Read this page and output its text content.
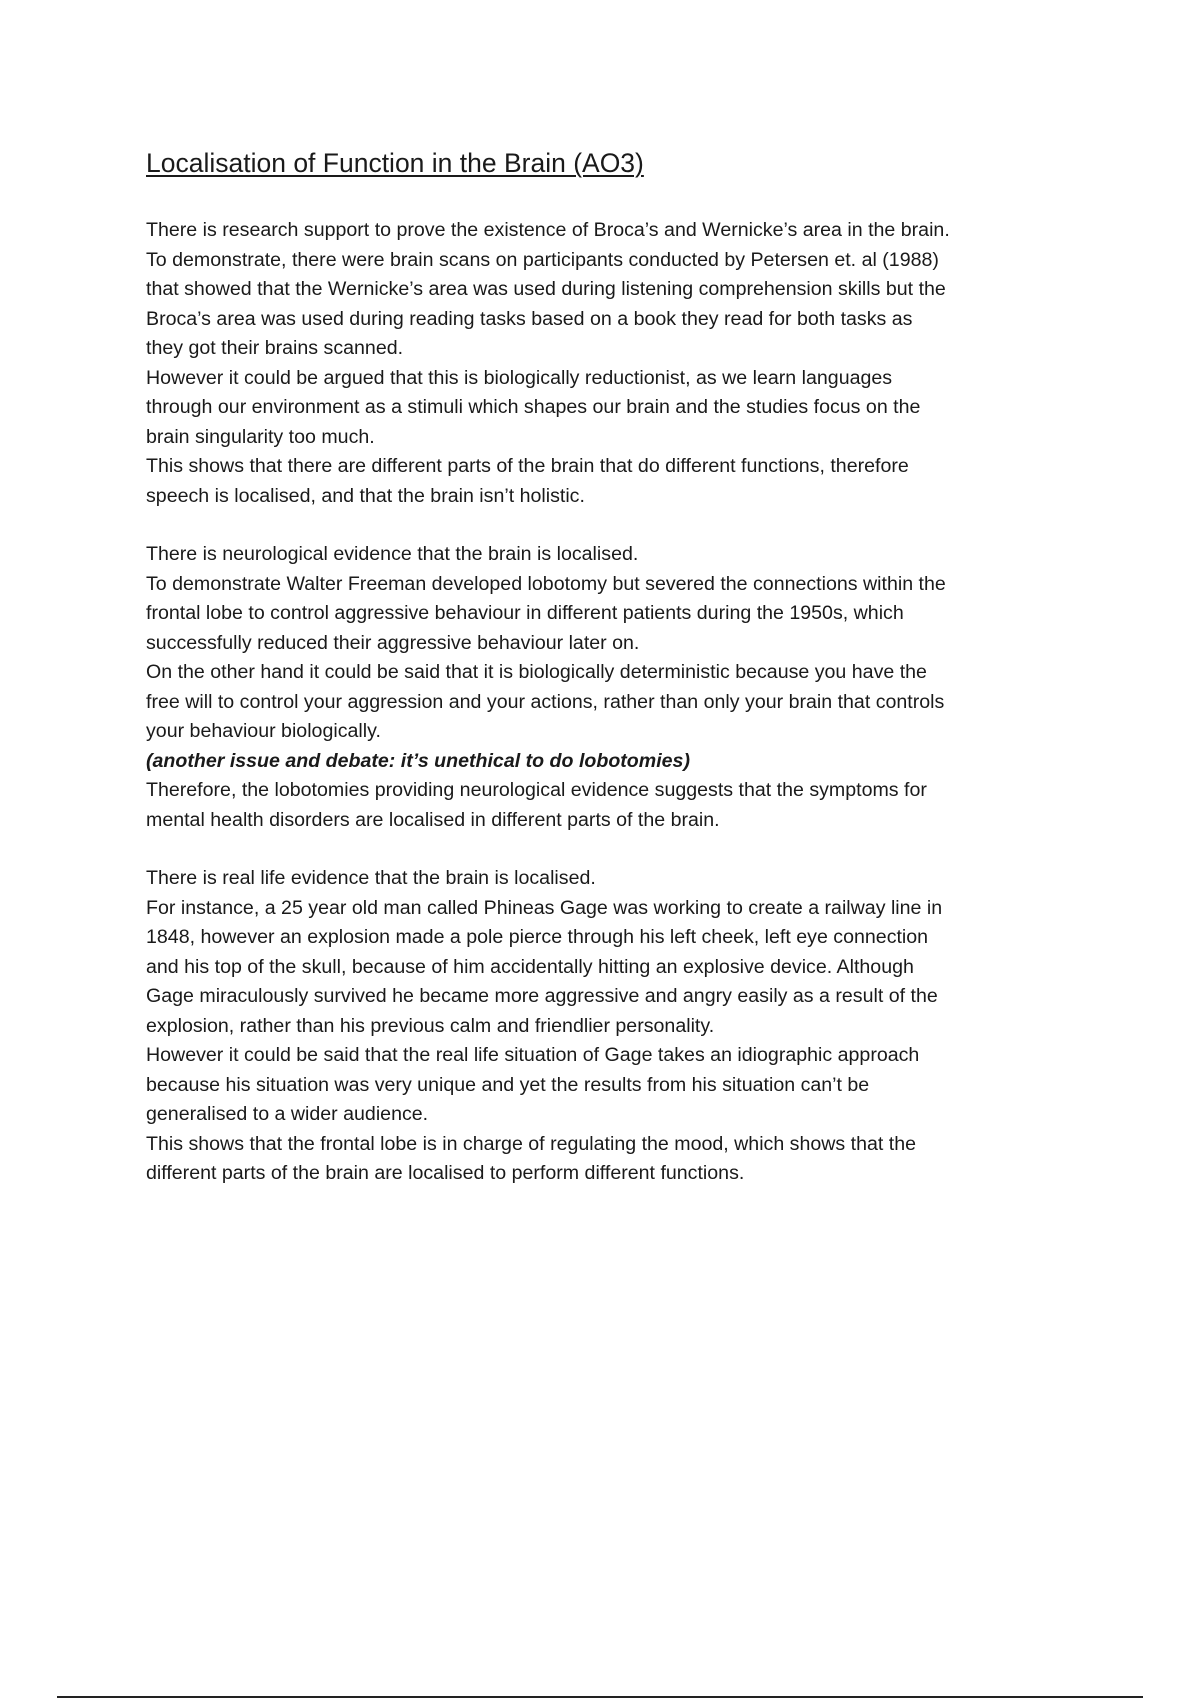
Localisation of Function in the Brain (AO3)

There is research support to prove the existence of Broca’s and Wernicke’s area in the brain.

To demonstrate, there were brain scans on participants conducted by Petersen et. al (1988)

that showed that the Wernicke’s area was used during listening comprehension skills but the

Broca’s area was used during reading tasks based on a book they read for both tasks as

they got their brains scanned.

However it could be argued that this is biologically reductionist, as we learn languages

through our environment as a stimuli which shapes our brain and the studies focus on the

brain singularity too much.

This shows that there are different parts of the brain that do different functions, therefore

speech is localised, and that the brain isn’t holistic.

There is neurological evidence that the brain is localised.

To demonstrate Walter Freeman developed lobotomy but severed the connections within the

frontal lobe to control aggressive behaviour in different patients during the 1950s, which

successfully reduced their aggressive behaviour later on.

On the other hand it could be said that it is biologically deterministic because you have the

free will to control your aggression and your actions, rather than only your brain that controls

your behaviour biologically.

(another issue and debate: it’s unethical to do lobotomies)

Therefore, the lobotomies providing neurological evidence suggests that the symptoms for

mental health disorders are localised in different parts of the brain.

There is real life evidence that the brain is localised.

For instance, a 25 year old man called Phineas Gage was working to create a railway line in

1848, however an explosion made a pole pierce through his left cheek, left eye connection

and his top of the skull, because of him accidentally hitting an explosive device. Although

Gage miraculously survived he became more aggressive and angry easily as a result of the

explosion, rather than his previous calm and friendlier personality.

However it could be said that the real life situation of Gage takes an idiographic approach

because his situation was very unique and yet the results from his situation can’t be

generalised to a wider audience.

This shows that the frontal lobe is in charge of regulating the mood, which shows that the

different parts of the brain are localised to perform different functions.
